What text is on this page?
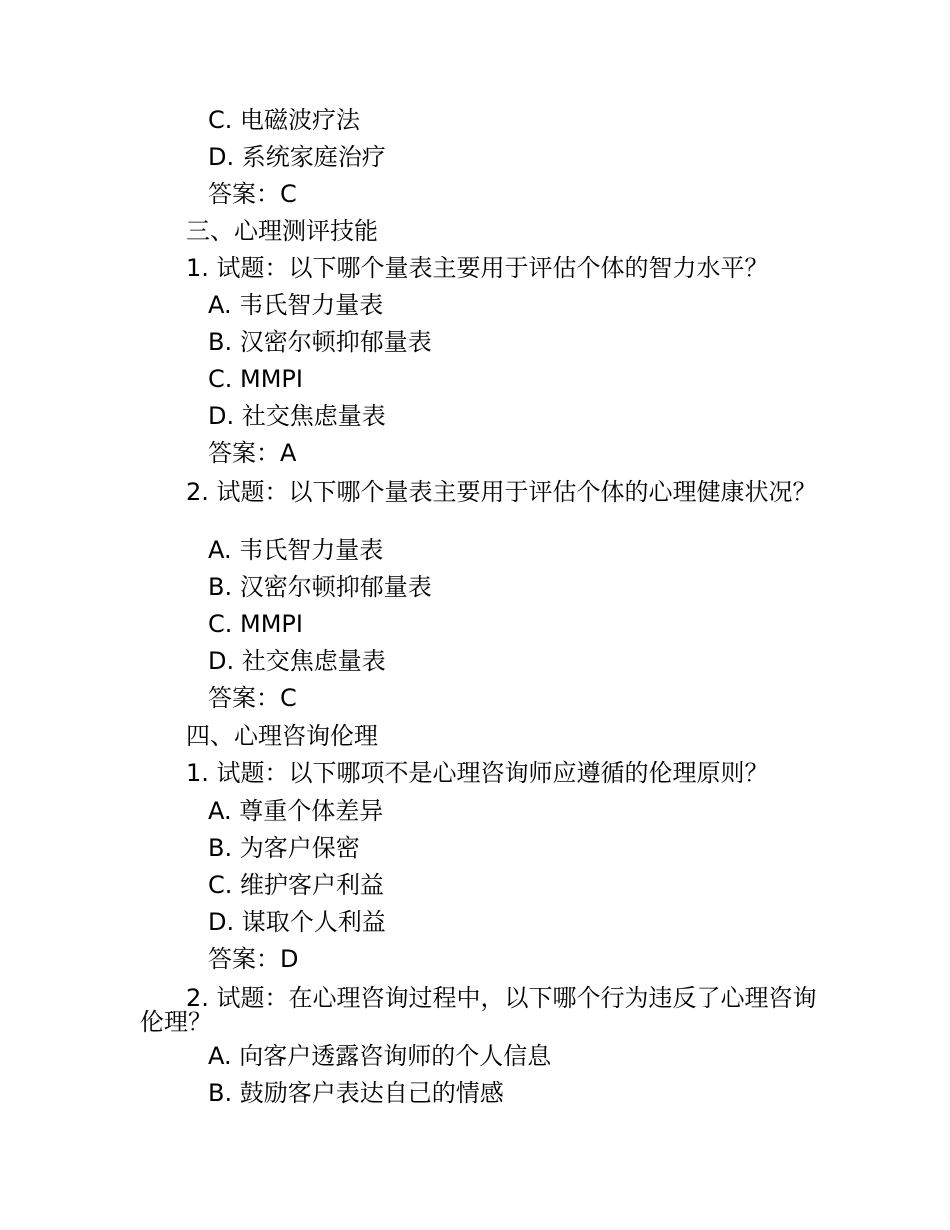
C. 电磁波疗法
D. 系统家庭治疗
答案：C
三、心理测评技能
1. 试题：以下哪个量表主要用于评估个体的智力水平？
A. 韦氏智力量表
B. 汉密尔顿抑郁量表
C. MMPI
D. 社交焦虑量表
答案：A
2. 试题：以下哪个量表主要用于评估个体的心理健康状况？
A. 韦氏智力量表
B. 汉密尔顿抑郁量表
C. MMPI
D. 社交焦虑量表
答案：C
四、心理咨询伦理
1. 试题：以下哪项不是心理咨询师应遵循的伦理原则？
A. 尊重个体差异
B. 为客户保密
C. 维护客户利益
D. 谋取个人利益
答案：D
2. 试题：在心理咨询过程中，以下哪个行为违反了心理咨询伦理？
A. 向客户透露咨询师的个人信息
B. 鼓励客户表达自己的情感
